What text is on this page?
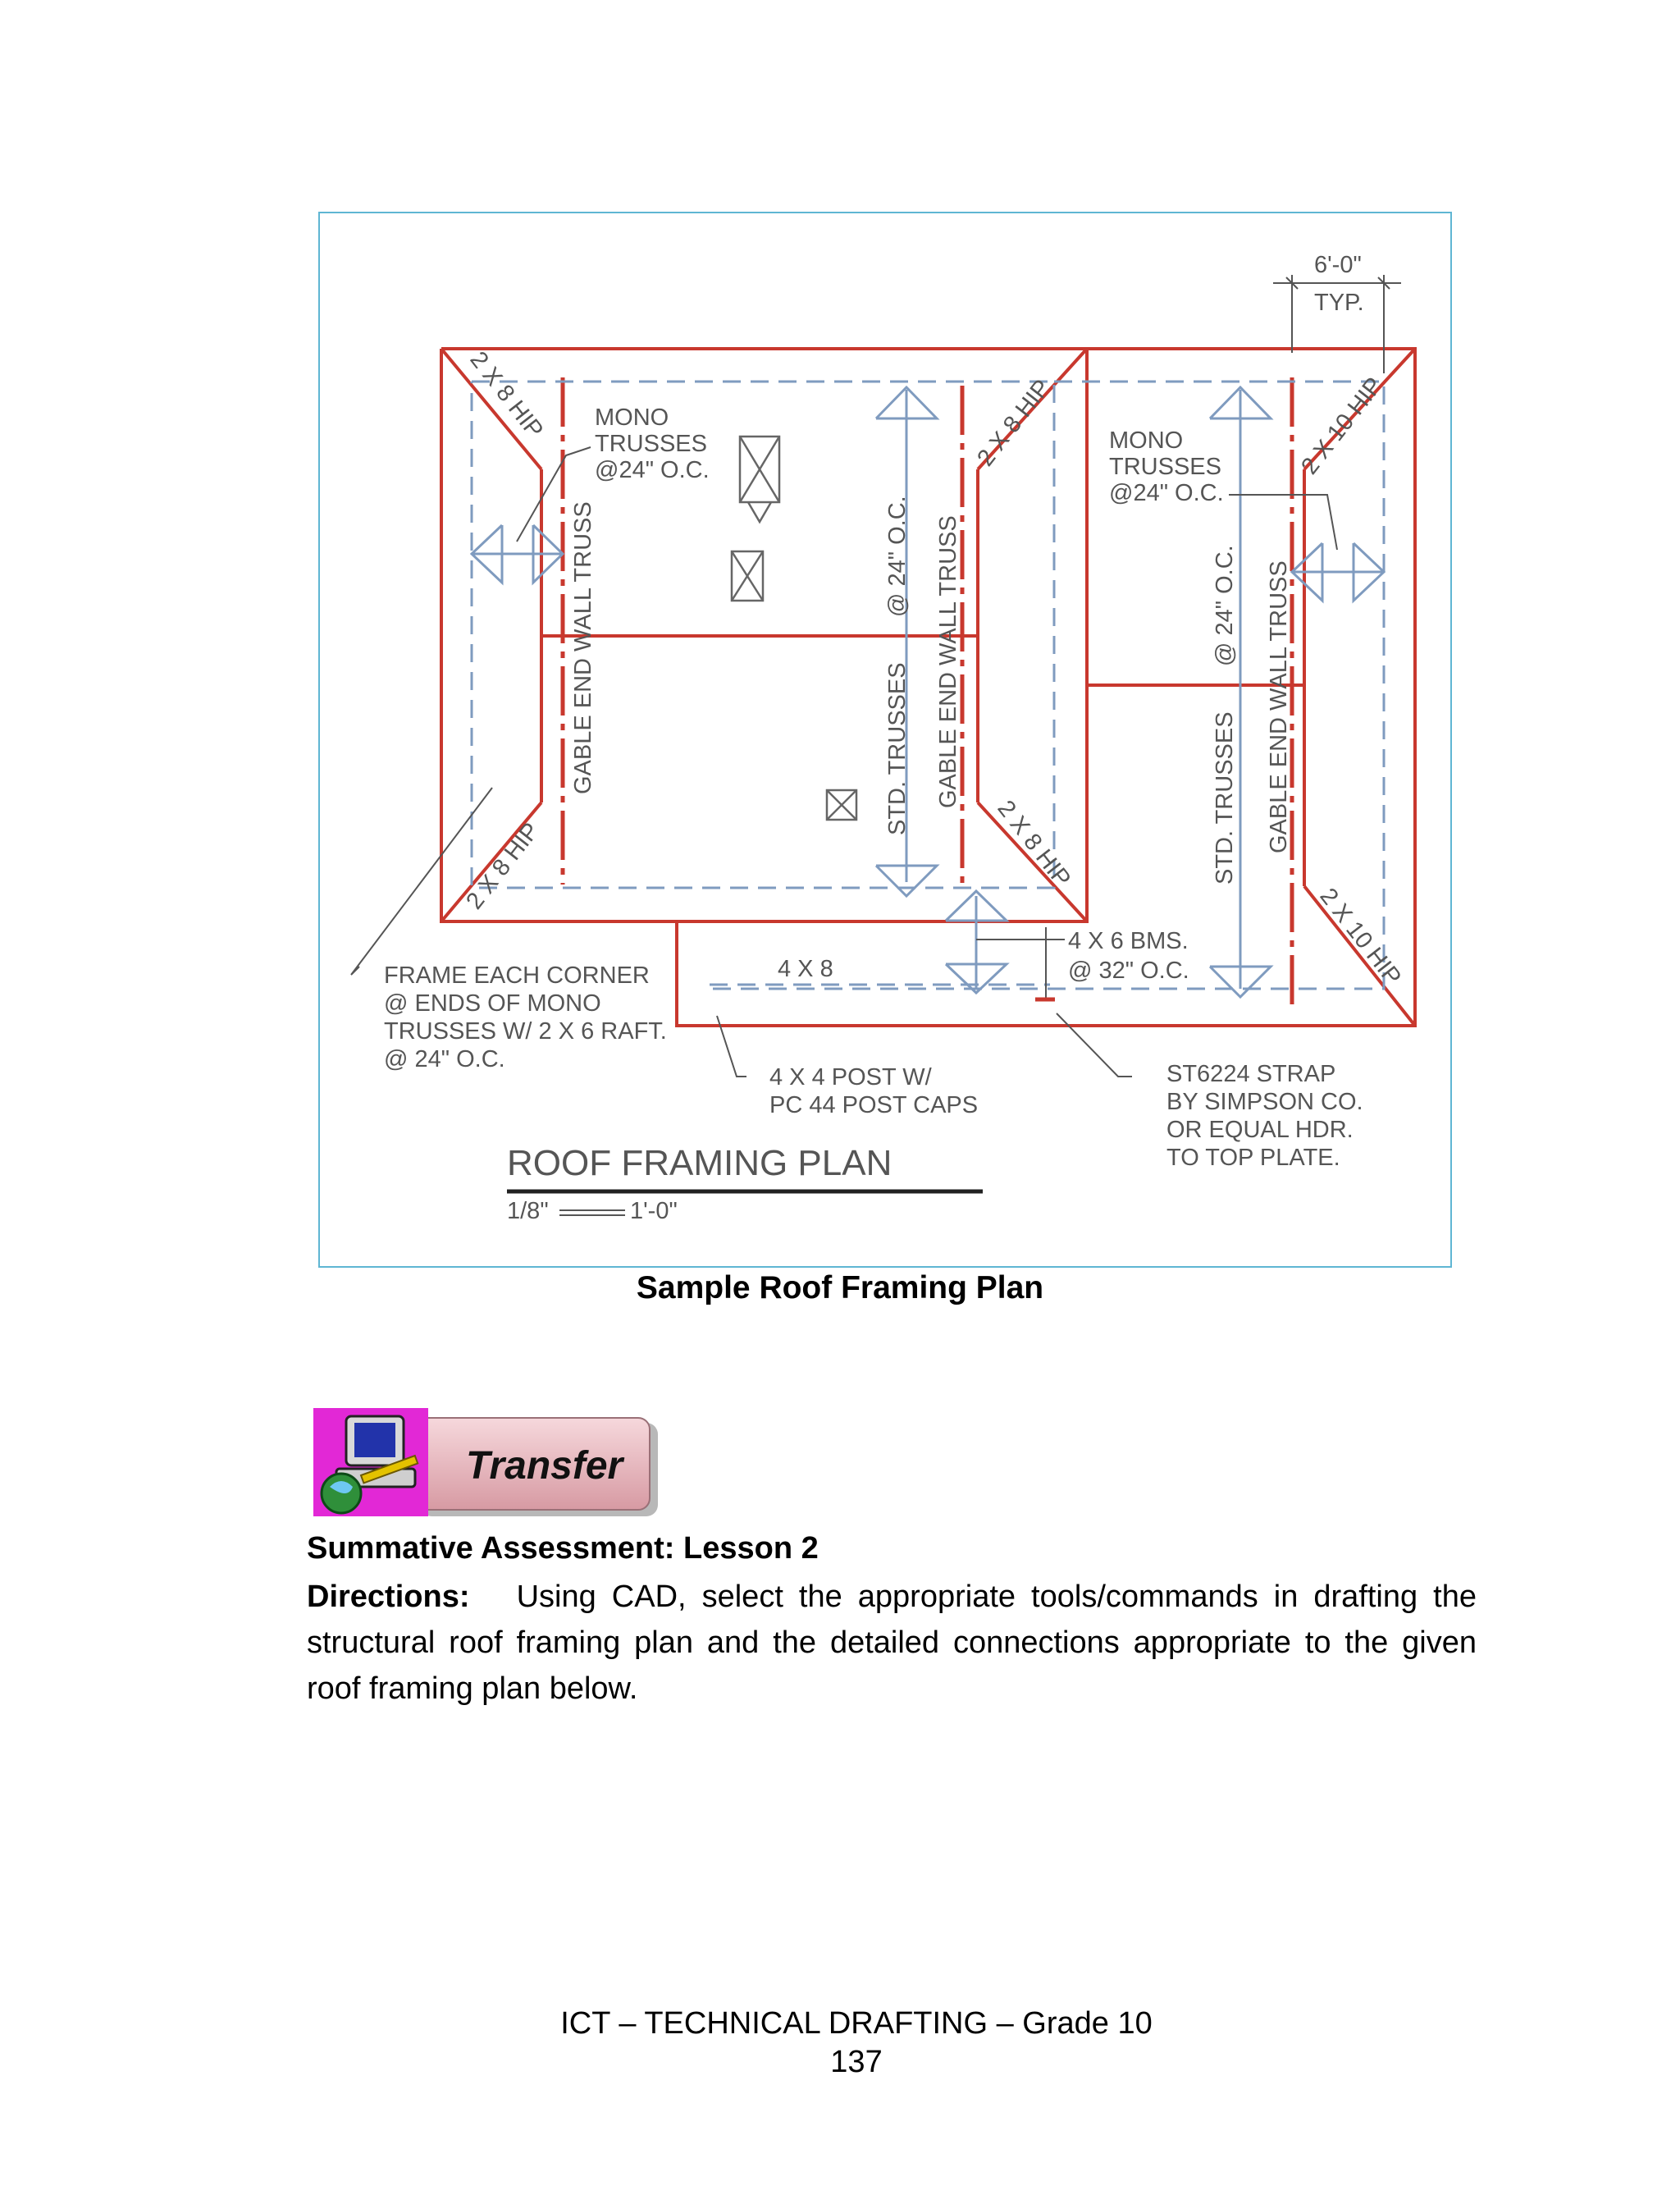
6'-0"
TYP.
MONO
TRUSSES
@24" O.C.
MONO
TRUSSES
@24" O.C.
2 X 8 HIP
2 X 8 HIP
2 X 8 HIP
2 X 8 HIP
2 X 10 HIP
2 X 10 HIP
GABLE END WALL TRUSS	GABLE END WALL TRUSS	GABLE END WALL TRUSS
STD. TRUSSES
@ 24" O.C.
STD. TRUSSES
@ 24" O.C.
4 X 6 BMS.
@ 32" O.C.
4 X 8
FRAME EACH CORNER
@ ENDS OF MONO
TRUSSES W/ 2 X 6 RAFT.
@ 24" O.C.
4 X 4 POST W/
PC 44 POST CAPS
ST6224 STRAP
BY SIMPSON CO.
OR EQUAL HDR.
TO TOP PLATE.
ROOF FRAMING PLAN
1/8"	1'-0"
Sample Roof Framing Plan
Transfer
Summative Assessment: Lesson 2
Directions: Using CAD, select the appropriate tools/commands in drafting the structural roof framing plan and the detailed connections appropriate to the given roof framing plan below.
ICT – TECHNICAL DRAFTING – Grade 10
137
